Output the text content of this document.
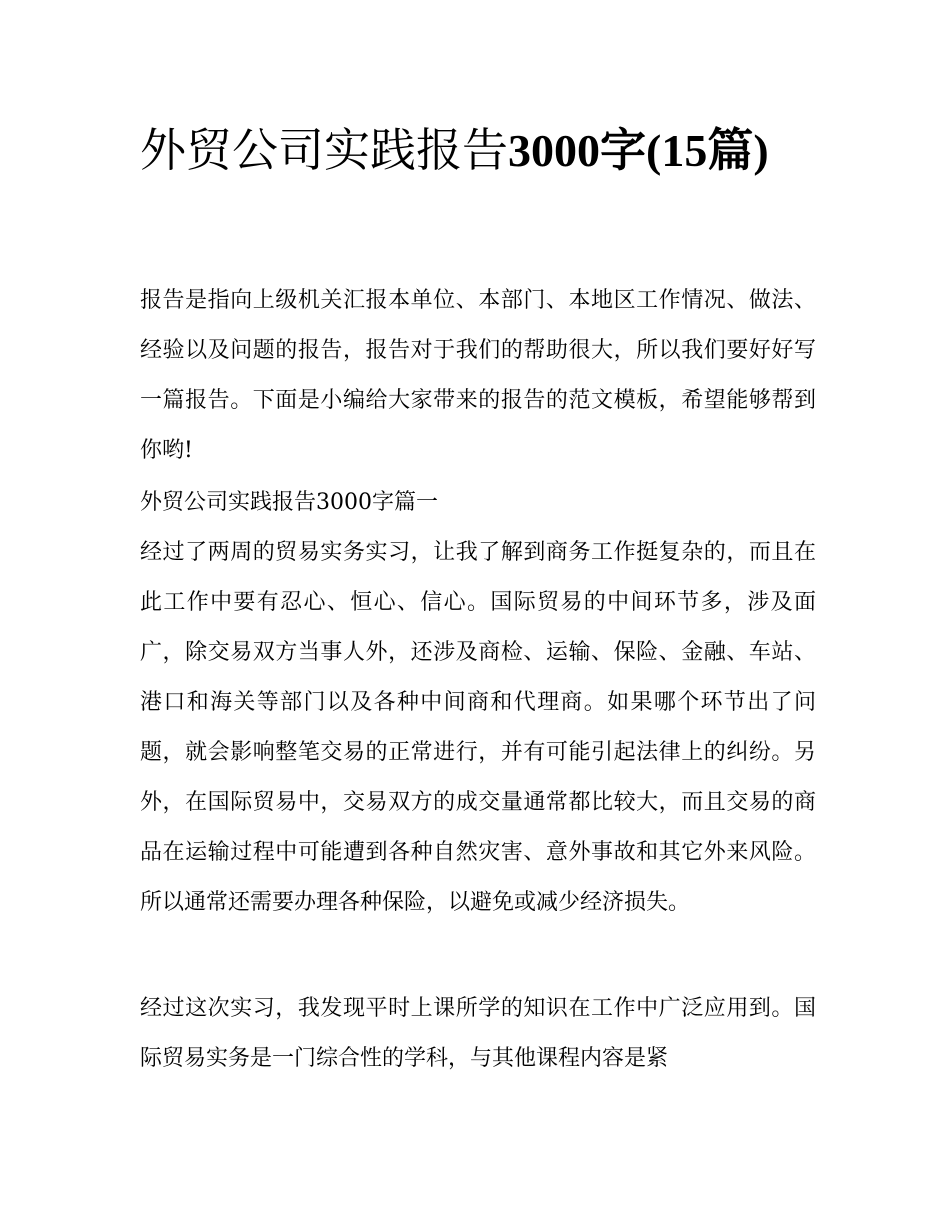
外贸公司实践报告3000字(15篇)

报告是指向上级机关汇报本单位、本部门、本地区工作情况、做法、经验以及问题的报告，报告对于我们的帮助很大，所以我们要好好写一篇报告。下面是小编给大家带来的报告的范文模板，希望能够帮到你哟!

外贸公司实践报告3000字篇一

经过了两周的贸易实务实习，让我了解到商务工作挺复杂的，而且在此工作中要有忍心、恒心、信心。国际贸易的中间环节多，涉及面广，除交易双方当事人外，还涉及商检、运输、保险、金融、车站、港口和海关等部门以及各种中间商和代理商。如果哪个环节出了问题，就会影响整笔交易的正常进行，并有可能引起法律上的纠纷。另外，在国际贸易中，交易双方的成交量通常都比较大，而且交易的商品在运输过程中可能遭到各种自然灾害、意外事故和其它外来风险。所以通常还需要办理各种保险，以避免或减少经济损失。

经过这次实习，我发现平时上课所学的知识在工作中广泛应用到。国际贸易实务是一门综合性的学科，与其他课程内容是紧
